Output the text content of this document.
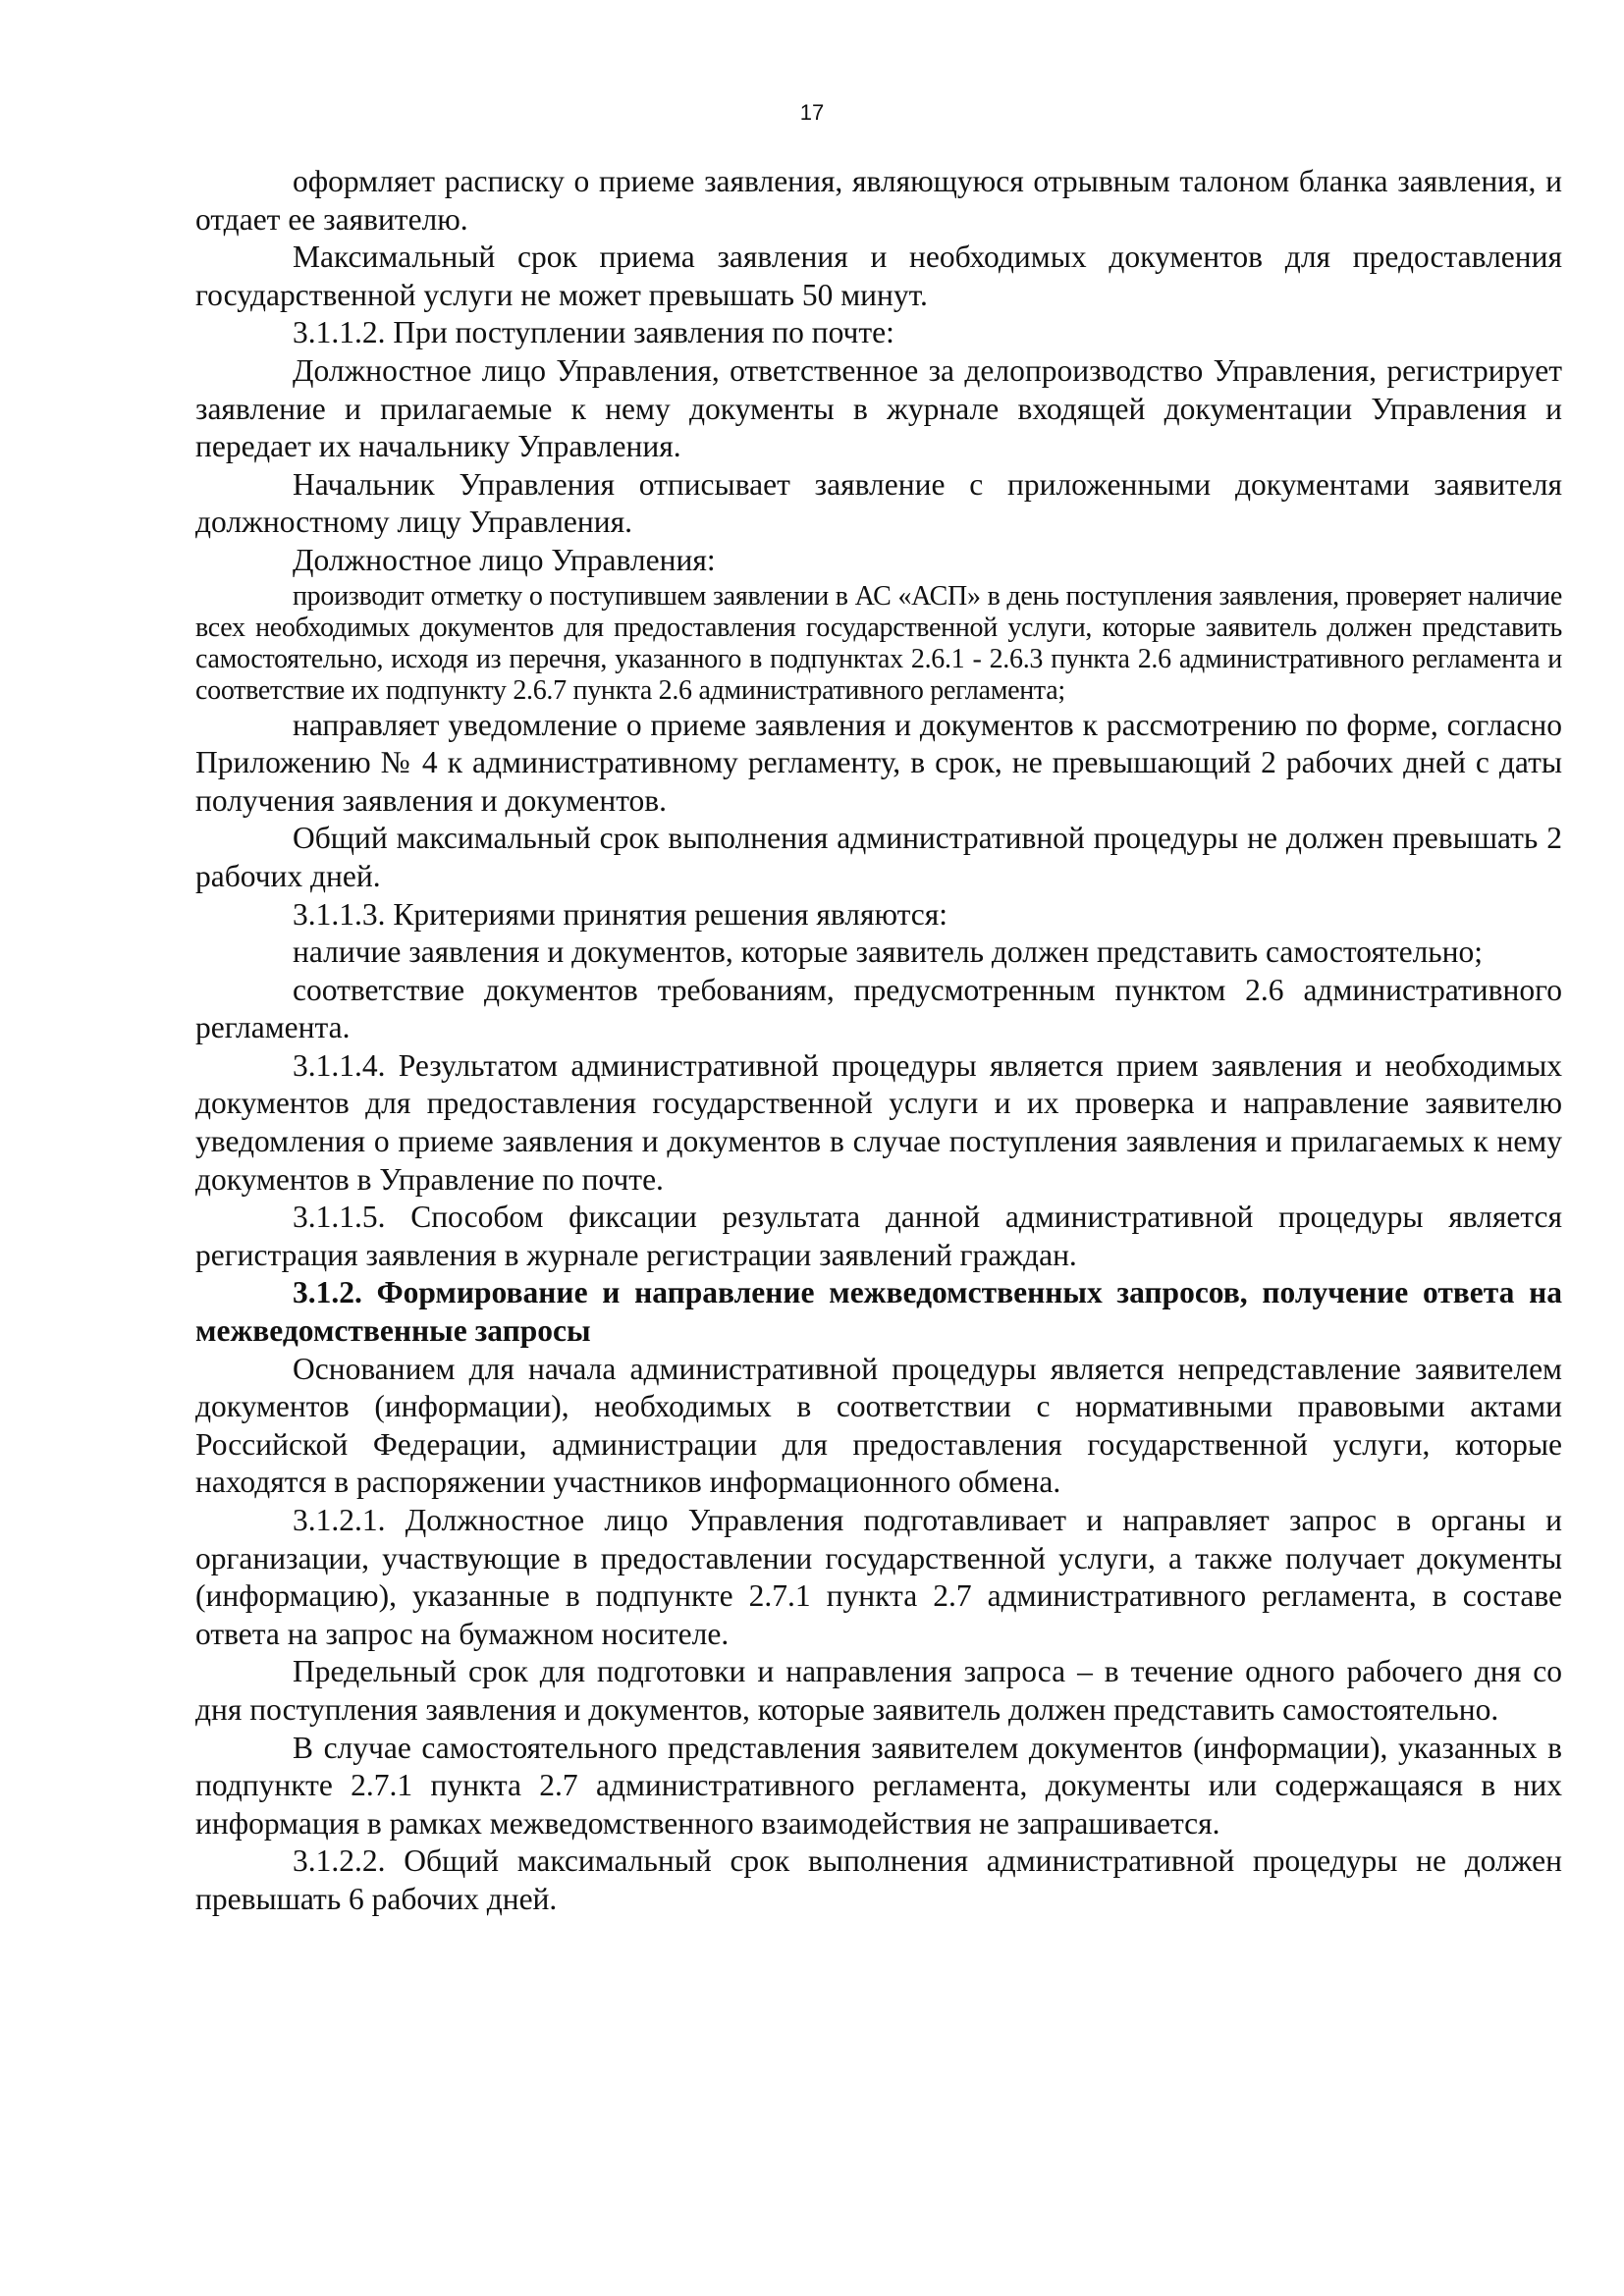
17

оформляет расписку о приеме заявления, являющуюся отрывным талоном бланка заявления, и отдает ее заявителю.

Максимальный срок приема заявления и необходимых документов для предоставления государственной услуги не может превышать 50 минут.

3.1.1.2. При поступлении заявления по почте:

Должностное лицо Управления, ответственное за делопроизводство Управления, регистрирует заявление и прилагаемые к нему документы в журнале входящей документации Управления и передает их начальнику Управления.

Начальник Управления отписывает заявление с приложенными документами заявителя должностному лицу Управления.

Должностное лицо Управления:

производит отметку о поступившем заявлении в АС «АСП» в день поступления заявления, проверяет наличие всех необходимых документов для предоставления государственной услуги, которые заявитель должен представить самостоятельно, исходя из перечня, указанного в подпунктах 2.6.1 - 2.6.3 пункта 2.6 административного регламента и соответствие их подпункту 2.6.7 пункта 2.6 административного регламента;

направляет уведомление о приеме заявления и документов к рассмотрению по форме, согласно Приложению № 4 к административному регламенту, в срок, не превышающий 2 рабочих дней с даты получения заявления и документов.

Общий максимальный срок выполнения административной процедуры не должен превышать 2 рабочих дней.

3.1.1.3. Критериями принятия решения являются:

наличие заявления и документов, которые заявитель должен представить самостоятельно;

соответствие документов требованиям, предусмотренным пунктом 2.6 административного регламента.

3.1.1.4. Результатом административной процедуры является прием заявления и необходимых документов для предоставления государственной услуги и их проверка и направление заявителю уведомления о приеме заявления и документов в случае поступления заявления и прилагаемых к нему документов в Управление по почте.

3.1.1.5. Способом фиксации результата данной административной процедуры является регистрация заявления в журнале регистрации заявлений граждан.

3.1.2. Формирование и направление межведомственных запросов, получение ответа на межведомственные запросы

Основанием для начала административной процедуры является непредставление заявителем документов (информации), необходимых в соответствии с нормативными правовыми актами Российской Федерации, администрации для предоставления государственной услуги, которые находятся в распоряжении участников информационного обмена.

3.1.2.1. Должностное лицо Управления подготавливает и направляет запрос в органы и организации, участвующие в предоставлении государственной услуги, а также получает документы (информацию), указанные в подпункте 2.7.1 пункта 2.7 административного регламента, в составе ответа на запрос на бумажном носителе.

Предельный срок для подготовки и направления запроса – в течение одного рабочего дня со дня поступления заявления и документов, которые заявитель должен представить самостоятельно.

В случае самостоятельного представления заявителем документов (информации), указанных в подпункте 2.7.1 пункта 2.7 административного регламента, документы или содержащаяся в них информация в рамках межведомственного взаимодействия не запрашивается.

3.1.2.2. Общий максимальный срок выполнения административной процедуры не должен превышать 6 рабочих дней.
